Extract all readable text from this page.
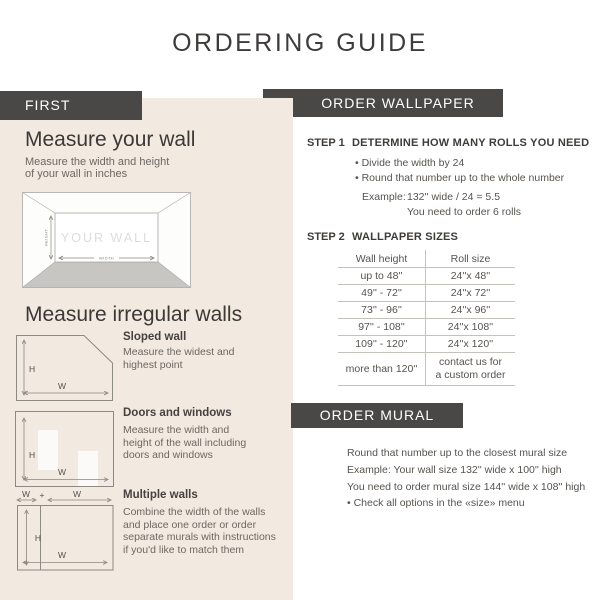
ORDERING GUIDE
FIRST	ORDER WALLPAPER
Measure your wall
Measure the width and height
of your wall in inches
YOUR WALL
HEIGHT
WIDTH
Measure irregular walls
H
W
Sloped wall
Measure the widest and
highest point
H
W
Doors and windows
Measure the width and
height of the wall including
doors and windows
W +	W
H
W
Multiple walls
Combine the width of the walls
and place one order or order
separate murals with instructions
if you'd like to match them
STEP 1 DETERMINE HOW MANY ROLLS YOU NEED
• Divide the width by 24
• Round that number up to the whole number
Example: 132'' wide / 24 = 5.5
You need to order 6 rolls
STEP 2 WALLPAPER SIZES
Wall height	Roll size
up to 48''	24''x 48''
49'' - 72''	24''x 72''
73'' - 96''	24''x 96''
97'' - 108''	24''x 108''
109'' - 120''	24''x 120''
more than 120''	contact us for
a custom order
ORDER MURAL
Round that number up to the closest mural size
Example: Your wall size 132'' wide x 100'' high
You need to order mural size 144'' wide x 108'' high
• Check all options in the «size» menu
